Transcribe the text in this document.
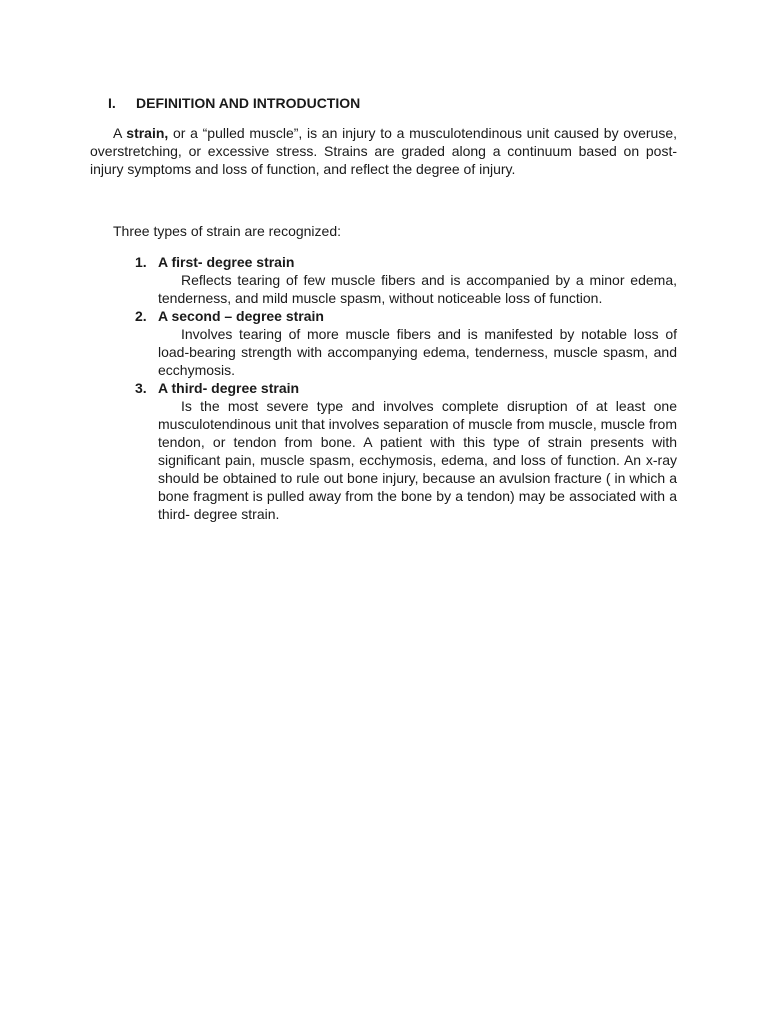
I.	DEFINITION AND INTRODUCTION

A strain, or a “pulled muscle”, is an injury to a musculotendinous unit caused by overuse, overstretching, or excessive stress. Strains are graded along a continuum based on post- injury symptoms and loss of function, and reflect the degree of injury.

Three types of strain are recognized:

1. A first- degree strain

Reflects tearing of few muscle fibers and is accompanied by a minor edema, tenderness, and mild muscle spasm, without noticeable loss of function.

2. A second – degree strain

Involves tearing of more muscle fibers and is manifested by notable loss of load-bearing strength with accompanying edema, tenderness, muscle spasm, and ecchymosis.

3. A third- degree strain

Is the most severe type and involves complete disruption of at least one musculotendinous unit that involves separation of muscle from muscle, muscle from tendon, or tendon from bone. A patient with this type of strain presents with significant pain, muscle spasm, ecchymosis, edema, and loss of function. An x-ray should be obtained to rule out bone injury, because an avulsion fracture ( in which a bone fragment is pulled away from the bone by a tendon) may be associated with a third- degree strain.
